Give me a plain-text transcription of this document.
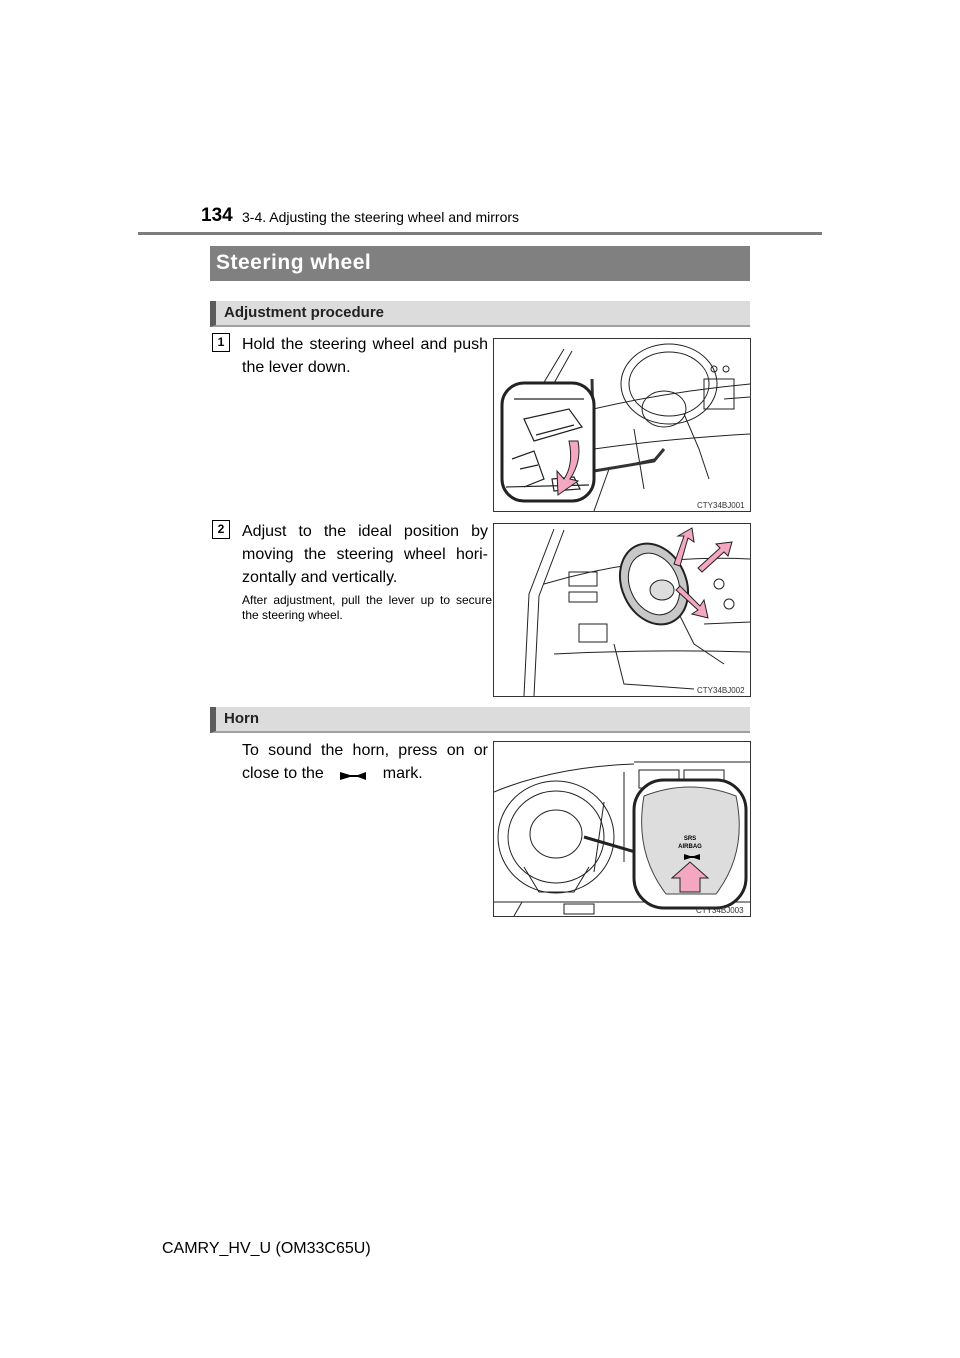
134 3-4. Adjusting the steering wheel and mirrors
Steering wheel
Adjustment procedure
1	Hold the steering wheel and push the lever down.
CTY34BJ001
2	Adjust to the ideal position by moving the steering wheel hori-zontally and vertically.
After adjustment, pull the lever up to secure the steering wheel.
CTY34BJ002
Horn
To sound the horn, press on or close to the	mark.
SRS
AIRBAG
CTY34BJ003
CAMRY_HV_U (OM33C65U)
